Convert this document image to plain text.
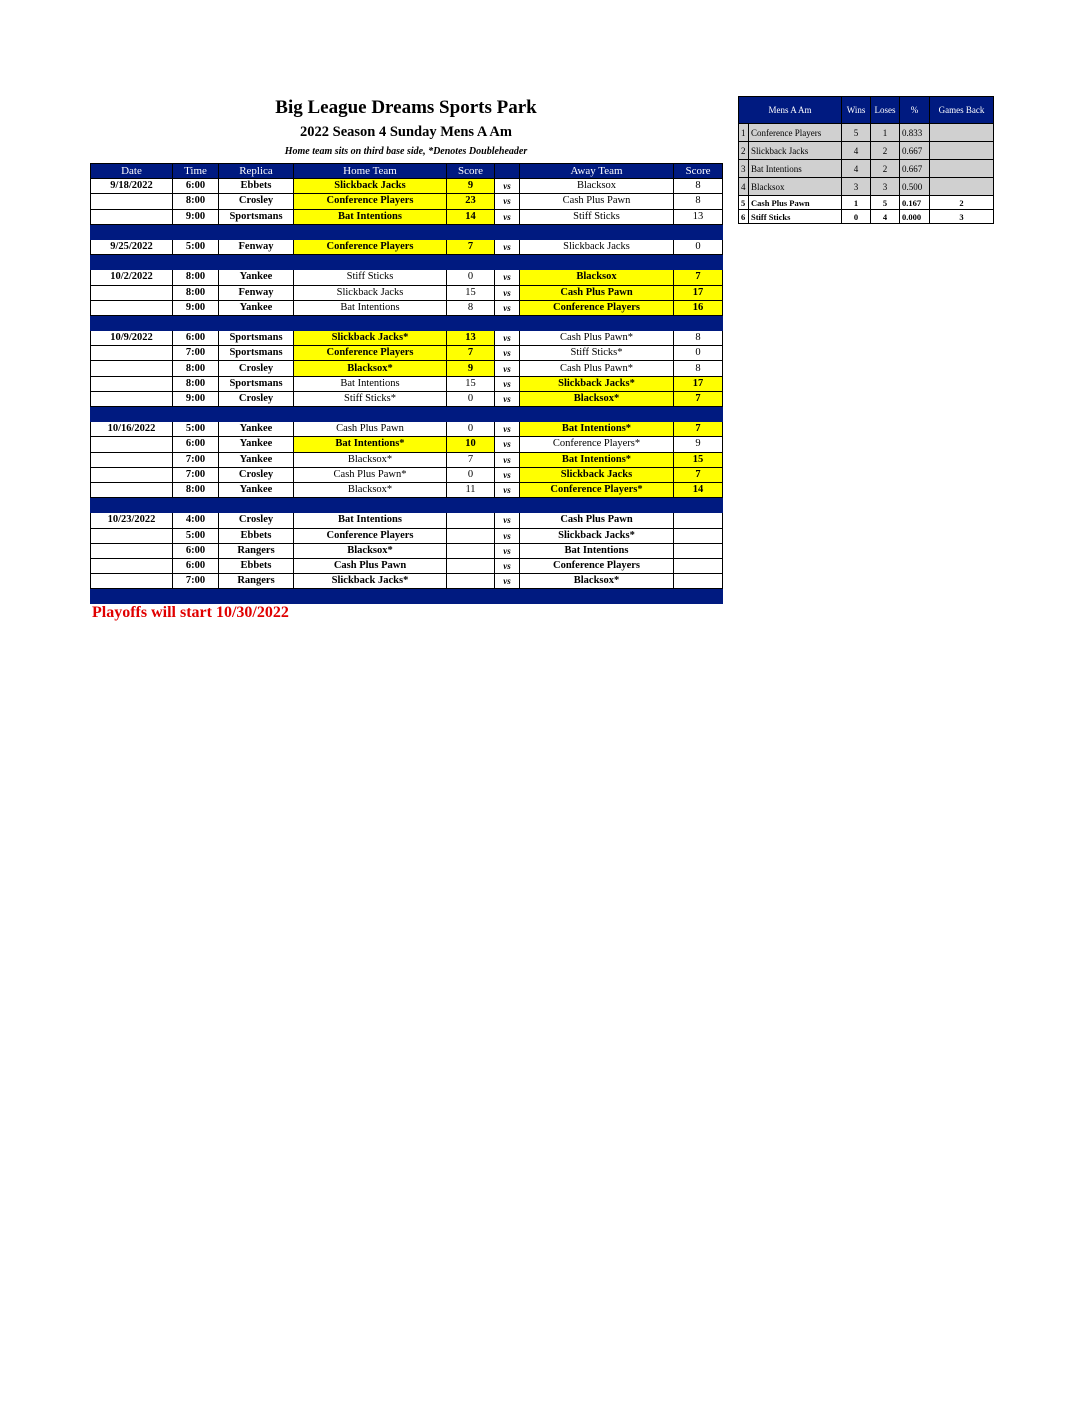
Big League Dreams Sports Park
2022 Season 4 Sunday Mens A Am
Home team sits on third base side, *Denotes Doubleheader
Date	Time	Replica	Home Team	Score		Away Team	Score
9/18/2022	6:00	Ebbets	Slickback Jacks	9	vs	Blacksox	8
	8:00	Crosley	Conference Players	23	vs	Cash Plus Pawn	8
	9:00	Sportsmans	Bat Intentions	14	vs	Stiff Sticks	13

9/25/2022	5:00	Fenway	Conference Players	7	vs	Slickback Jacks	0

10/2/2022	8:00	Yankee	Stiff Sticks	0	vs	Blacksox	7
	8:00	Fenway	Slickback Jacks	15	vs	Cash Plus Pawn	17
	9:00	Yankee	Bat Intentions	8	vs	Conference Players	16

10/9/2022	6:00	Sportsmans	Slickback Jacks*	13	vs	Cash Plus Pawn*	8
	7:00	Sportsmans	Conference Players	7	vs	Stiff Sticks*	0
	8:00	Crosley	Blacksox*	9	vs	Cash Plus Pawn*	8
	8:00	Sportsmans	Bat Intentions	15	vs	Slickback Jacks*	17
	9:00	Crosley	Stiff Sticks*	0	vs	Blacksox*	7

10/16/2022	5:00	Yankee	Cash Plus Pawn	0	vs	Bat Intentions*	7
	6:00	Yankee	Bat Intentions*	10	vs	Conference Players*	9
	7:00	Yankee	Blacksox*	7	vs	Bat Intentions*	15
	7:00	Crosley	Cash Plus Pawn*	0	vs	Slickback Jacks	7
	8:00	Yankee	Blacksox*	11	vs	Conference Players*	14

10/23/2022	4:00	Crosley	Bat Intentions		vs	Cash Plus Pawn	
	5:00	Ebbets	Conference Players		vs	Slickback Jacks*	
	6:00	Rangers	Blacksox*		vs	Bat Intentions	
	6:00	Ebbets	Cash Plus Pawn		vs	Conference Players	
	7:00	Rangers	Slickback Jacks*		vs	Blacksox*	

Mens A Am		Wins	Loses	%	Games Back
1	Conference Players	5	1	0.833	
2	Slickback Jacks	4	2	0.667	
3	Bat Intentions	4	2	0.667	
4	Blacksox	3	3	0.500	
5	Cash Plus Pawn	1	5	0.167	2
6	Stiff Sticks	0	4	0.000	3
Playoffs will start 10/30/2022
